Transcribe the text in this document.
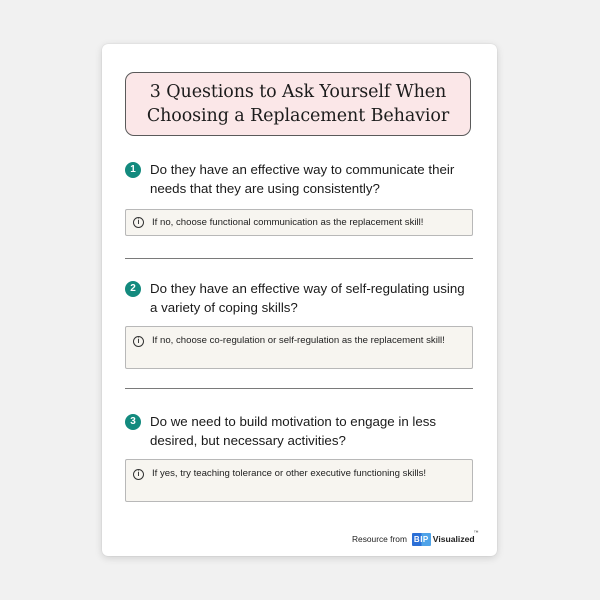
3 Questions to Ask Yourself When
Choosing a Replacement Behavior
1	Do they have an effective way to communicate their needs that they are using consistently?
i	If no, choose functional communication as the replacement skill!
2	Do they have an effective way of self-regulating using a variety of coping skills?
i	If no, choose co-regulation or self-regulation as the replacement skill!
3	Do we need to build motivation to engage in less desired, but necessary activities?
i	If yes, try teaching tolerance or other executive functioning skills!
Resource from BIP Visualized
™
